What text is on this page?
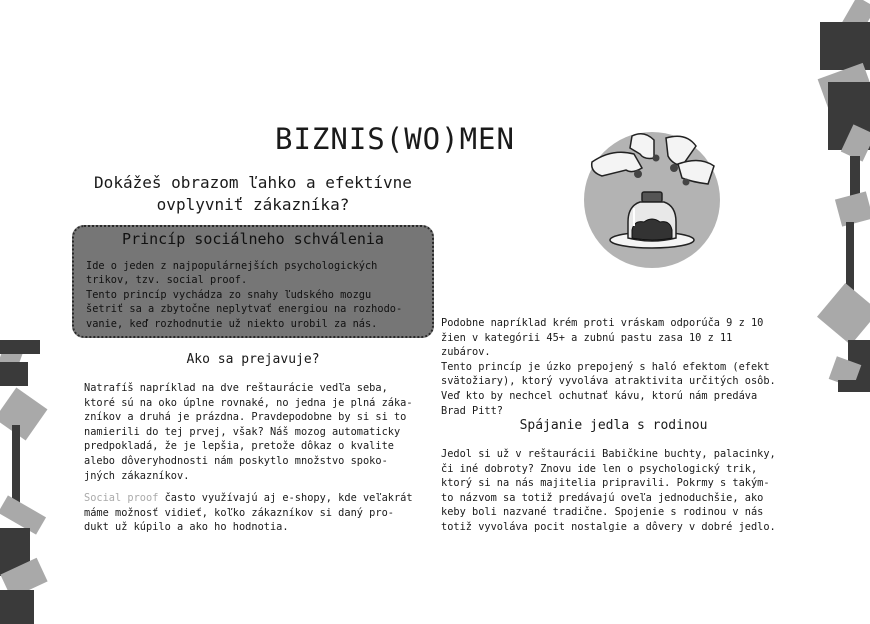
BIZNIS(WO)MEN
Dokážeš obrazom ľahko a efektívne
ovplyvniť zákazníka?
Princíp sociálneho schválenia
Ide o jeden z najpopulárnejších psychologických
trikov, tzv. social proof.
Tento princíp vychádza zo snahy ľudského mozgu
šetriť sa a zbytočne neplytvať energiou na rozhodo-
vanie, keď rozhodnutie už niekto urobil za nás.
Ako sa prejavuje?
Natrafíš napríklad na dve reštaurácie vedľa seba,
ktoré sú na oko úplne rovnaké, no jedna je plná záka-
zníkov a druhá je prázdna. Pravdepodobne by si si to
namierili do tej prvej, však? Náš mozog automaticky
predpokladá, že je lepšia, pretože dôkaz o kvalite
alebo dôveryhodnosti nám poskytlo množstvo spoko-
jných zákazníkov.
Social proof často využívajú aj e-shopy, kde veľakrát
máme možnosť vidieť, koľko zákazníkov si daný pro-
dukt už kúpilo a ako ho hodnotia.
Podobne napríklad krém proti vráskam odporúča 9 z 10
žien v kategórii 45+ a zubnú pastu zasa 10 z 11 zubárov.
Tento princíp je úzko prepojený s haló efektom (efekt
svätožiary), ktorý vyvoláva atraktivita určitých osôb.
Veď kto by nechcel ochutnať kávu, ktorú nám predáva
Brad Pitt?
Spájanie jedla s rodinou
Jedol si už v reštaurácii Babičkine buchty, palacinky,
či iné dobroty? Znovu ide len o psychologický trik,
ktorý si na nás majitelia pripravili. Pokrmy s takým-
to názvom sa totiž predávajú oveľa jednoduchšie, ako
keby boli nazvané tradične. Spojenie s rodinou v nás
totiž vyvoláva pocit nostalgie a dôvery v dobré jedlo.
